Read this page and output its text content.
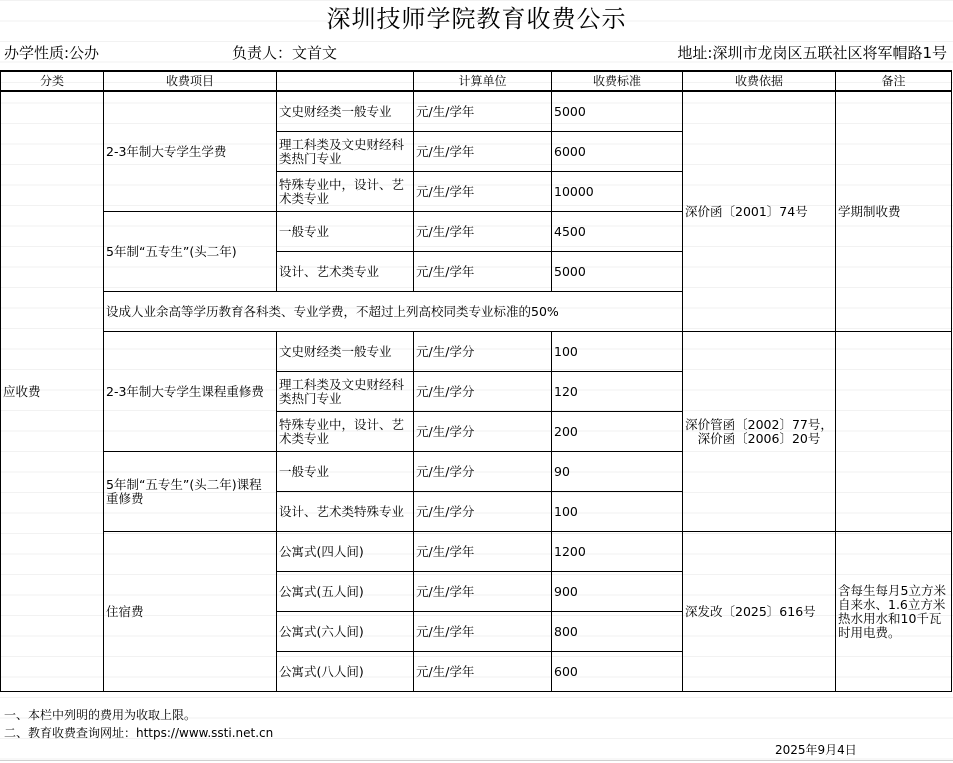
深圳技师学院教育收费公示
办学性质:公办	负责人：文首文	地址:深圳市龙岗区五联社区将军帽路1号
分类	收费项目		计算单位	收费标准	收费依据	备注
应收费	2-3年制大专学生学费	文史财经类一般专业	元/生/学年	5000	深价函〔2001〕74号	学期制收费
		理工科类及文史财经科类热门专业	元/生/学年	6000		
		特殊专业中，设计、艺术类专业	元/生/学年	10000		
	5年制“五专生”(头二年)	一般专业	元/生/学年	4500		
		设计、艺术类专业	元/生/学年	5000		
	设成人业余高等学历教育各科类、专业学费，不超过上列高校同类专业标准的50%					
	2-3年制大专学生课程重修费	文史财经类一般专业	元/生/学分	100	深价管函〔2002〕77号，深价函〔2006〕20号	
		理工科类及文史财经科类热门专业	元/生/学分	120		
		特殊专业中，设计、艺术类专业	元/生/学分	200		
	5年制“五专生”(头二年)课程重修费	一般专业	元/生/学分	90		
		设计、艺术类特殊专业	元/生/学分	100		
	住宿费	公寓式(四人间)	元/生/学年	1200	深发改〔2025〕616号	含每生每月5立方米自来水、1.6立方米热水用水和10千瓦时用电费。
		公寓式(五人间)	元/生/学年	900		
		公寓式(六人间)	元/生/学年	800		
		公寓式(八人间)	元/生/学年	600		
一、本栏中列明的费用为收取上限。
二、教育收费查询网址：https://www.ssti.net.cn
2025年9月4日
